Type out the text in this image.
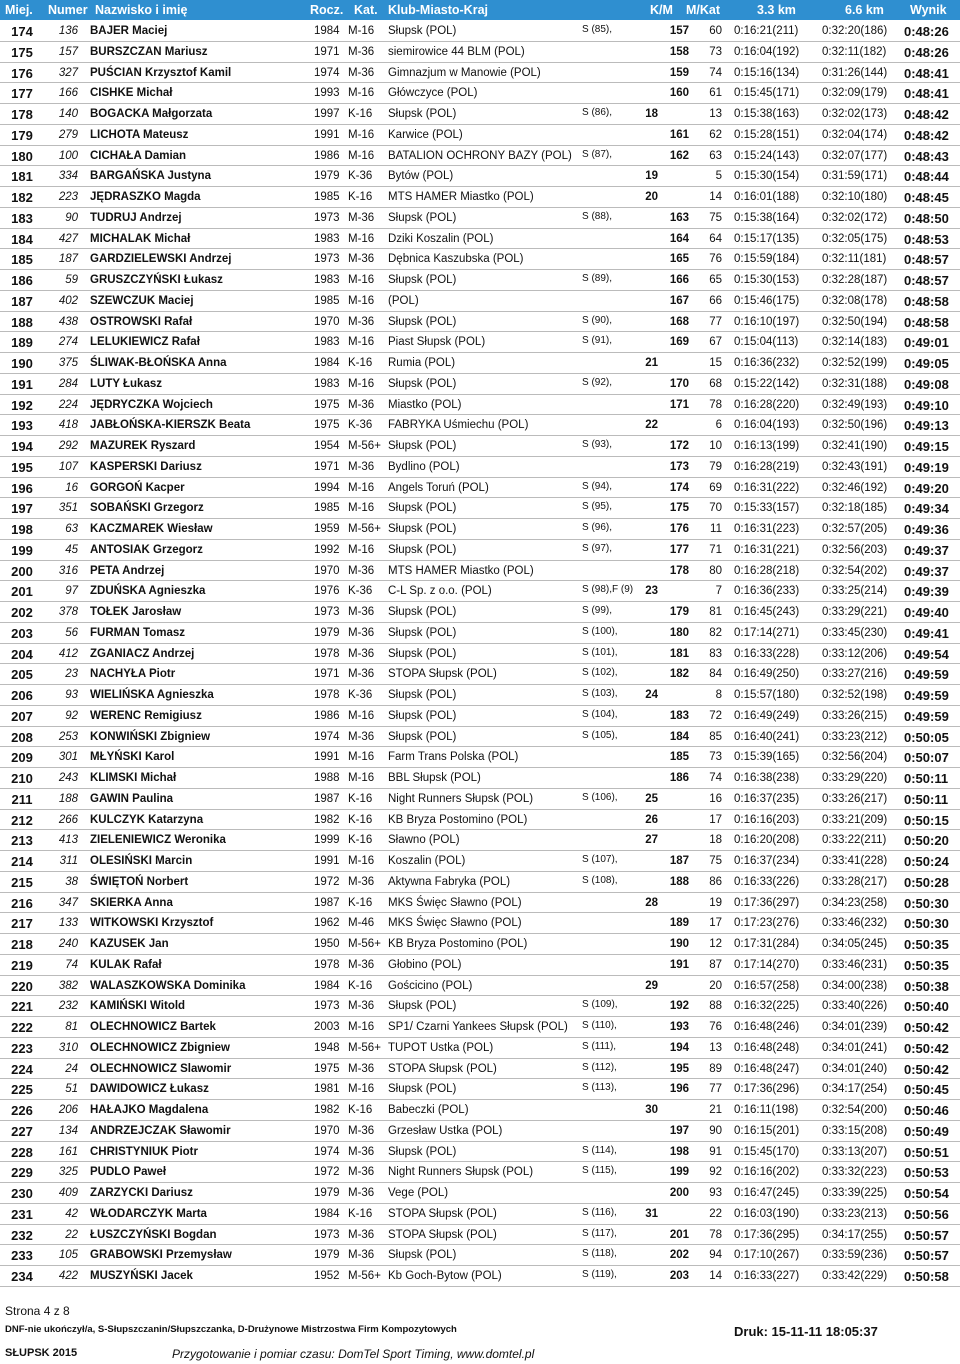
Miej. Numer Nazwisko i imię	Rocz. Kat. Klub-Miasto-Kraj	K/M M/Kat	3.3 km	6.6 km Wynik
174	136 BAJER Maciej	1984 M-16 Słupsk (POL)	S (85),	157	60 0:16:21(211) 0:32:20(186) 0:48:26
175	157 BURSZCZAN Mariusz	1971 M-36 siemirowice 44 BLM (POL)	158	73 0:16:04(192) 0:32:11(182) 0:48:26
176	327 PUŚCIAN Krzysztof Kamil	1974 M-36 Gimnazjum w Manowie (POL)	159	74 0:15:16(134) 0:31:26(144) 0:48:41
177	166 CISHKE Michał	1993 M-16 Główczyce (POL)	160	61 0:15:45(171) 0:32:09(179) 0:48:41
178	140 BOGACKA Małgorzata	1997 K-16 Słupsk (POL)	S (86),	18	13 0:15:38(163) 0:32:02(173) 0:48:42
179	279 LICHOTA Mateusz	1991 M-16 Karwice (POL)	161	62 0:15:28(151) 0:32:04(174) 0:48:42
180	100 CICHAŁA Damian	1986 M-16 BATALION OCHRONY BAZY (POL) S (87),	162	63 0:15:24(143) 0:32:07(177) 0:48:43
181	334 BARGAŃSKA Justyna	1979 K-36 Bytów (POL)	19	5 0:15:30(154) 0:31:59(171) 0:48:44
182	223 JĘDRASZKO Magda	1985 K-16 MTS HAMER Miastko (POL)	20	14 0:16:01(188) 0:32:10(180) 0:48:45
183	90 TUDRUJ Andrzej	1973 M-36 Słupsk (POL)	S (88),	163	75 0:15:38(164) 0:32:02(172) 0:48:50
184	427 MICHALAK Michał	1983 M-16 Dziki Koszalin (POL)	164	64 0:15:17(135) 0:32:05(175) 0:48:53
185	187 GARDZIELEWSKI Andrzej	1973 M-36 Dębnica Kaszubska (POL)	165	76 0:15:59(184) 0:32:11(181) 0:48:57
186	59 GRUSZCZYŃSKI Łukasz	1983 M-16 Słupsk (POL)	S (89),	166	65 0:15:30(153) 0:32:28(187) 0:48:57
187	402 SZEWCZUK Maciej	1985 M-16 (POL)	167	66 0:15:46(175) 0:32:08(178) 0:48:58
188	438 OSTROWSKI Rafał	1970 M-36 Słupsk (POL)	S (90),	168	77 0:16:10(197) 0:32:50(194) 0:48:58
189	274 LELUKIEWICZ Rafał	1983 M-16 Piast Słupsk (POL)	S (91),	169	67 0:15:04(113) 0:32:14(183) 0:49:01
190	375 ŚLIWAK-BŁOŃSKA Anna	1984 K-16 Rumia (POL)	21	15 0:16:36(232) 0:32:52(199) 0:49:05
191	284 LUTY Łukasz	1983 M-16 Słupsk (POL)	S (92),	170	68 0:15:22(142) 0:32:31(188) 0:49:08
192	224 JĘDRYCZKA Wojciech	1975 M-36 Miastko (POL)	171	78 0:16:28(220) 0:32:49(193) 0:49:10
193	418 JABŁOŃSKA-KIERSZK Beata	1975 K-36 FABRYKA Uśmiechu (POL)	22	6 0:16:04(193) 0:32:50(196) 0:49:13
194	292 MAZUREK Ryszard	1954 M-56+ Słupsk (POL)	S (93),	172	10 0:16:13(199) 0:32:41(190) 0:49:15
195	107 KASPERSKI Dariusz	1971 M-36 Bydlino (POL)	173	79 0:16:28(219) 0:32:43(191) 0:49:19
196	16 GORGOŃ Kacper	1994 M-16 Angels Toruń (POL)	S (94),	174	69 0:16:31(222) 0:32:46(192) 0:49:20
197	351 SOBAŃSKI Grzegorz	1985 M-16 Słupsk (POL)	S (95),	175	70 0:15:33(157) 0:32:18(185) 0:49:34
198	63 KACZMAREK Wiesław	1959 M-56+ Słupsk (POL)	S (96),	176	11 0:16:31(223) 0:32:57(205) 0:49:36
199	45 ANTOSIAK Grzegorz	1992 M-16 Słupsk (POL)	S (97),	177	71 0:16:31(221) 0:32:56(203) 0:49:37
200	316 PETA Andrzej	1970 M-36 MTS HAMER Miastko (POL)	178	80 0:16:28(218) 0:32:54(202) 0:49:37
201	97 ZDUŃSKA Agnieszka	1976 K-36 C-L Sp. z o.o. (POL)	S (98),F (9)	23	7 0:16:36(233) 0:33:25(214) 0:49:39
202	378 TOŁEK Jarosław	1973 M-36 Słupsk (POL)	S (99),	179	81 0:16:45(243) 0:33:29(221) 0:49:40
203	56 FURMAN Tomasz	1979 M-36 Słupsk (POL)	S (100),	180	82 0:17:14(271) 0:33:45(230) 0:49:41
204	412 ZGANIACZ Andrzej	1978 M-36 Słupsk (POL)	S (101),	181	83 0:16:33(228) 0:33:12(206) 0:49:54
205	23 NACHYŁA Piotr	1971 M-36 STOPA Słupsk (POL)	S (102),	182	84 0:16:49(250) 0:33:27(216) 0:49:59
206	93 WIELIŃSKA Agnieszka	1978 K-36 Słupsk (POL)	S (103),	24	8 0:15:57(180) 0:32:52(198) 0:49:59
207	92 WERENC Remigiusz	1986 M-16 Słupsk (POL)	S (104),	183	72 0:16:49(249) 0:33:26(215) 0:49:59
208	253 KONWIŃSKI Zbigniew	1974 M-36 Słupsk (POL)	S (105),	184	85 0:16:40(241) 0:33:23(212) 0:50:05
209	301 MŁYŃSKI Karol	1991 M-16 Farm Trans Polska (POL)	185	73 0:15:39(165) 0:32:56(204) 0:50:07
210	243 KLIMSKI Michał	1988 M-16 BBL Słupsk (POL)	186	74 0:16:38(238) 0:33:29(220) 0:50:11
211	188 GAWIN Paulina	1987 K-16 Night Runners Słupsk (POL)	S (106),	25	16 0:16:37(235) 0:33:26(217) 0:50:11
212	266 KULCZYK Katarzyna	1982 K-16 KB Bryza Postomino (POL)	26	17 0:16:16(203) 0:33:21(209) 0:50:15
213	413 ZIELENIEWICZ Weronika	1999 K-16 Sławno (POL)	27	18 0:16:20(208) 0:33:22(211) 0:50:20
214	311 OLESIŃSKI Marcin	1991 M-16 Koszalin (POL)	S (107),	187	75 0:16:37(234) 0:33:41(228) 0:50:24
215	38 ŚWIĘTOŃ Norbert	1972 M-36 Aktywna Fabryka (POL)	S (108),	188	86 0:16:33(226) 0:33:28(217) 0:50:28
216	347 SKIERKA Anna	1987 K-16 MKS Święc Sławno (POL)	28	19 0:17:36(297) 0:34:23(258) 0:50:30
217	133 WITKOWSKI Krzysztof	1962 M-46 MKS Święc Sławno (POL)	189	17 0:17:23(276) 0:33:46(232) 0:50:30
218	240 KAZUSEK Jan	1950 M-56+ KB Bryza Postomino (POL)	190	12 0:17:31(284) 0:34:05(245) 0:50:35
219	74 KULAK Rafał	1978 M-36 Głobino (POL)	191	87 0:17:14(270) 0:33:46(231) 0:50:35
220	382 WALASZKOWSKA Dominika	1984 K-16 Gościcino (POL)	29	20 0:16:57(258) 0:34:00(238) 0:50:38
221	232 KAMIŃSKI Witold	1973 M-36 Słupsk (POL)	S (109),	192	88 0:16:32(225) 0:33:40(226) 0:50:40
222	81 OLECHNOWICZ Bartek	2003 M-16 SP1/ Czarni Yankees Słupsk (POL) S (110),	193	76 0:16:48(246) 0:34:01(239) 0:50:42
223	310 OLECHNOWICZ Zbigniew	1948 M-56+ TUPOT Ustka (POL)	S (111),	194	13 0:16:48(248) 0:34:01(241) 0:50:42
224	24 OLECHNOWICZ Slawomir	1975 M-36 STOPA Słupsk (POL)	S (112),	195	89 0:16:48(247) 0:34:01(240) 0:50:42
225	51 DAWIDOWICZ Łukasz	1981 M-16 Słupsk (POL)	S (113),	196	77 0:17:36(296) 0:34:17(254) 0:50:45
226	206 HAŁAJKO Magdalena	1982 K-16 Babeczki (POL)	30	21 0:16:11(198) 0:32:54(200) 0:50:46
227	134 ANDRZEJCZAK Sławomir	1970 M-36 Grzesław Ustka (POL)	197	90 0:16:15(201) 0:33:15(208) 0:50:49
228	161 CHRISTYNIUK Piotr	1974 M-36 Słupsk (POL)	S (114),	198	91 0:15:45(170) 0:33:13(207) 0:50:51
229	325 PUDLO Paweł	1972 M-36 Night Runners Słupsk (POL)	S (115),	199	92 0:16:16(202) 0:33:32(223) 0:50:53
230	409 ZARZYCKI Dariusz	1979 M-36 Vege (POL)	200	93 0:16:47(245) 0:33:39(225) 0:50:54
231	42 WŁODARCZYK Marta	1984 K-16 STOPA Słupsk (POL)	S (116),	31	22 0:16:03(190) 0:33:23(213) 0:50:56
232	22 ŁUSZCZYŃSKI Bogdan	1973 M-36 STOPA Słupsk (POL)	S (117),	201	78 0:17:36(295) 0:34:17(255) 0:50:57
233	105 GRABOWSKI Przemysław	1979 M-36 Słupsk (POL)	S (118),	202	94 0:17:10(267) 0:33:59(236) 0:50:57
234	422 MUSZYŃSKI Jacek	1952 M-56+ Kb Goch-Bytow (POL)	S (119),	203	14 0:16:33(227) 0:33:42(229) 0:50:58
Strona 4 z 8
DNF-nie ukończył/a, S-Słupszczanin/Słupszczanka, D-Drużynowe Mistrzostwa Firm Kompozytowych	Druk: 15-11-11 18:05:37
SŁUPSK 2015	Przygotowanie i pomiar czasu: DomTel Sport Timing, www.domtel.pl
